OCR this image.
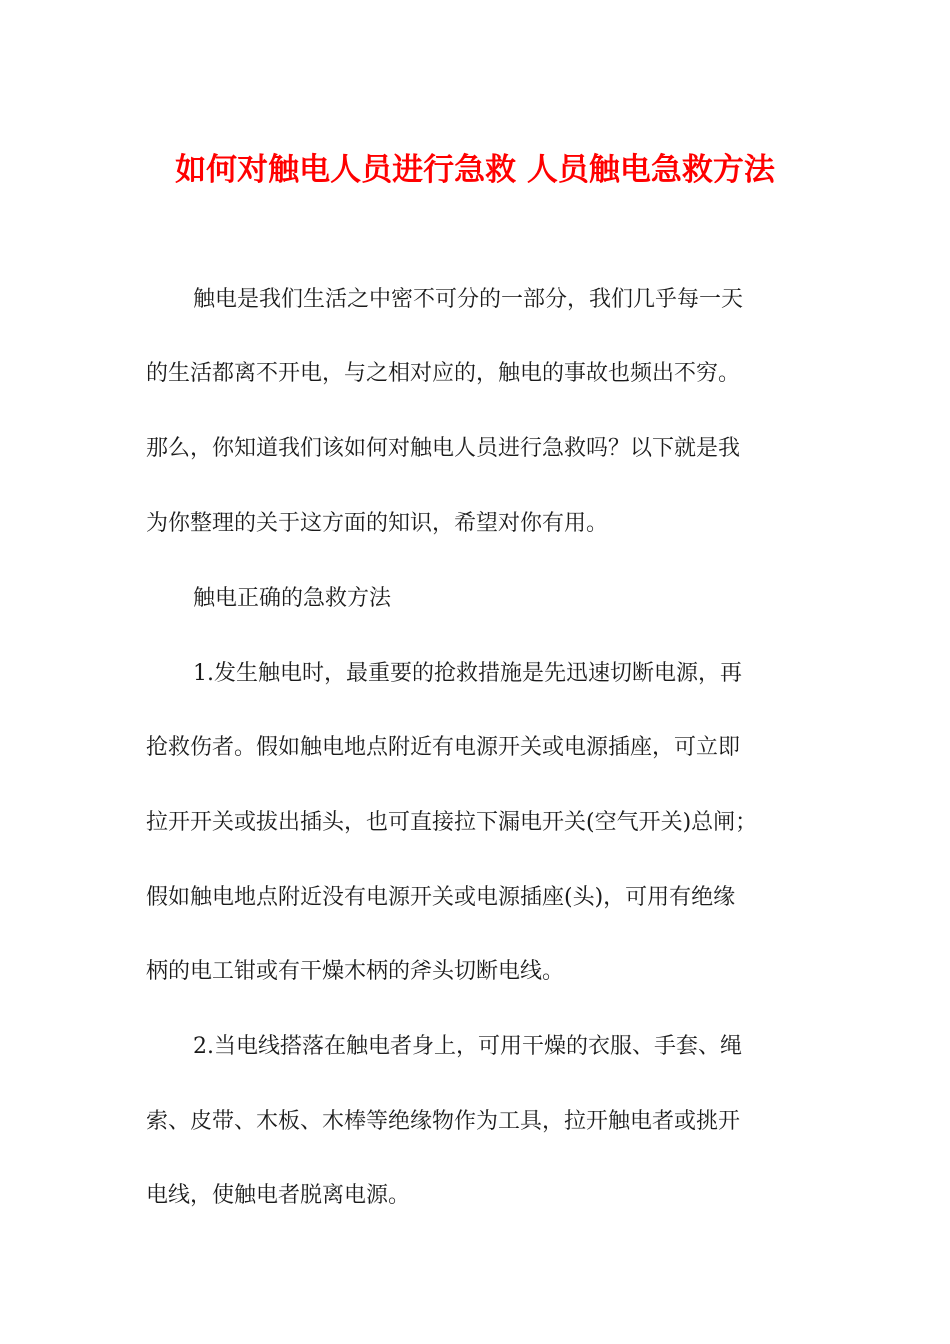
如何对触电人员进行急救 人员触电急救方法
触电是我们生活之中密不可分的一部分，我们几乎每一天
的生活都离不开电，与之相对应的，触电的事故也频出不穷。
那么，你知道我们该如何对触电人员进行急救吗？以下就是我
为你整理的关于这方面的知识，希望对你有用。
触电正确的急救方法
1.发生触电时，最重要的抢救措施是先迅速切断电源，再
抢救伤者。假如触电地点附近有电源开关或电源插座，可立即
拉开开关或拔出插头，也可直接拉下漏电开关(空气开关)总闸；
假如触电地点附近没有电源开关或电源插座(头)，可用有绝缘
柄的电工钳或有干燥木柄的斧头切断电线。
2.当电线搭落在触电者身上，可用干燥的衣服、手套、绳
索、皮带、木板、木棒等绝缘物作为工具，拉开触电者或挑开
电线，使触电者脱离电源。
